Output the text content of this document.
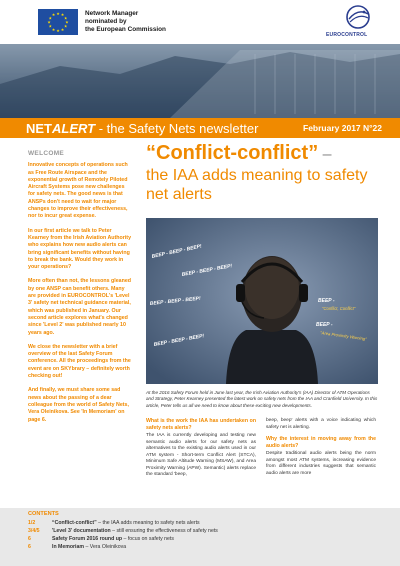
★ ★
★
★
★
★
★
★
★
★
★
★	Network Manager
nominated by
the European Commission
EUROCONTROL
NETALERT - the Safety Nets newsletter	February 2017 N°22
WELCOME

Innovative concepts of operations such as Free Route Airspace and the exponential growth of Remotely Piloted Aircraft Systems pose new challenges for safety nets. The good news is that ANSPs don't need to wait for major changes to improve their effectiveness, nor to incur great expense.

In our first article we talk to Peter Kearney from the Irish Aviation Authority who explains how new audio alerts can bring significant benefits without having to break the bank. Would they work in your operations?

More often than not, the lessons gleaned by one ANSP can benefit others. Many are provided in EUROCONTROL's 'Level 3' safety net technical guidance material, which was published in January. Our second article explores what's changed since 'Level 2' was published nearly 10 years ago.

We close the newsletter with a brief overview of the last Safety Forum conference. All the proceedings from the event are on SKYbrary – definitely worth checking out!

And finally, we must share some sad news about the passing of a dear colleague from the world of Safety Nets, Vera Oleinikova. See 'In Memoriam' on page 6.

“Conflict-conflict” –
the IAA adds meaning to safety net alerts
BEEP - BEEP - BEEP!
BEEP - BEEP - BEEP!
BEEP - BEEP - BEEP!
BEEP - BEEP - BEEP!
BEEP -
"Conflict, Conflict"
BEEP -
"Area Proximity Warning"
At the 2016 Safety Forum held in June last year, the Irish Aviation Authority's (IAA) Director of ATM Operations and Strategy, Peter Kearney presented the latest work on safety nets from the IAA and Cranfield University. In this article, Peter tells us all we need to know about these exciting new developments.
What is the work the IAA has undertaken on safety nets alerts?

The IAA is currently developing and testing new semantic audio alerts for our safety nets as alternatives to the existing audio alerts used in our ATM system - Short-term Conflict Alert (STCA), Minimum Safe Altitude Warning (MSAW), and Area Proximity Warning (APW). Semantic) alerts replace the standard 'beep,

beep, beep' alerts with a voice indicating which safety net is alerting.

Why the interest in moving away from the audio alerts?

Despite traditional audio alerts being the norm amongst most ATM systems, increasing evidence from different industries suggests that semantic audio alerts are more

CONTENTS
1/2	“Conflict-conflict” – the IAA adds meaning to safety nets alerts
3/4/5 'Level 3' documentation – still ensuring the effectiveness of safety nets
6	Safety Forum 2016 round up – focus on safety nets
6	In Memoriam – Vera Oleinikova
